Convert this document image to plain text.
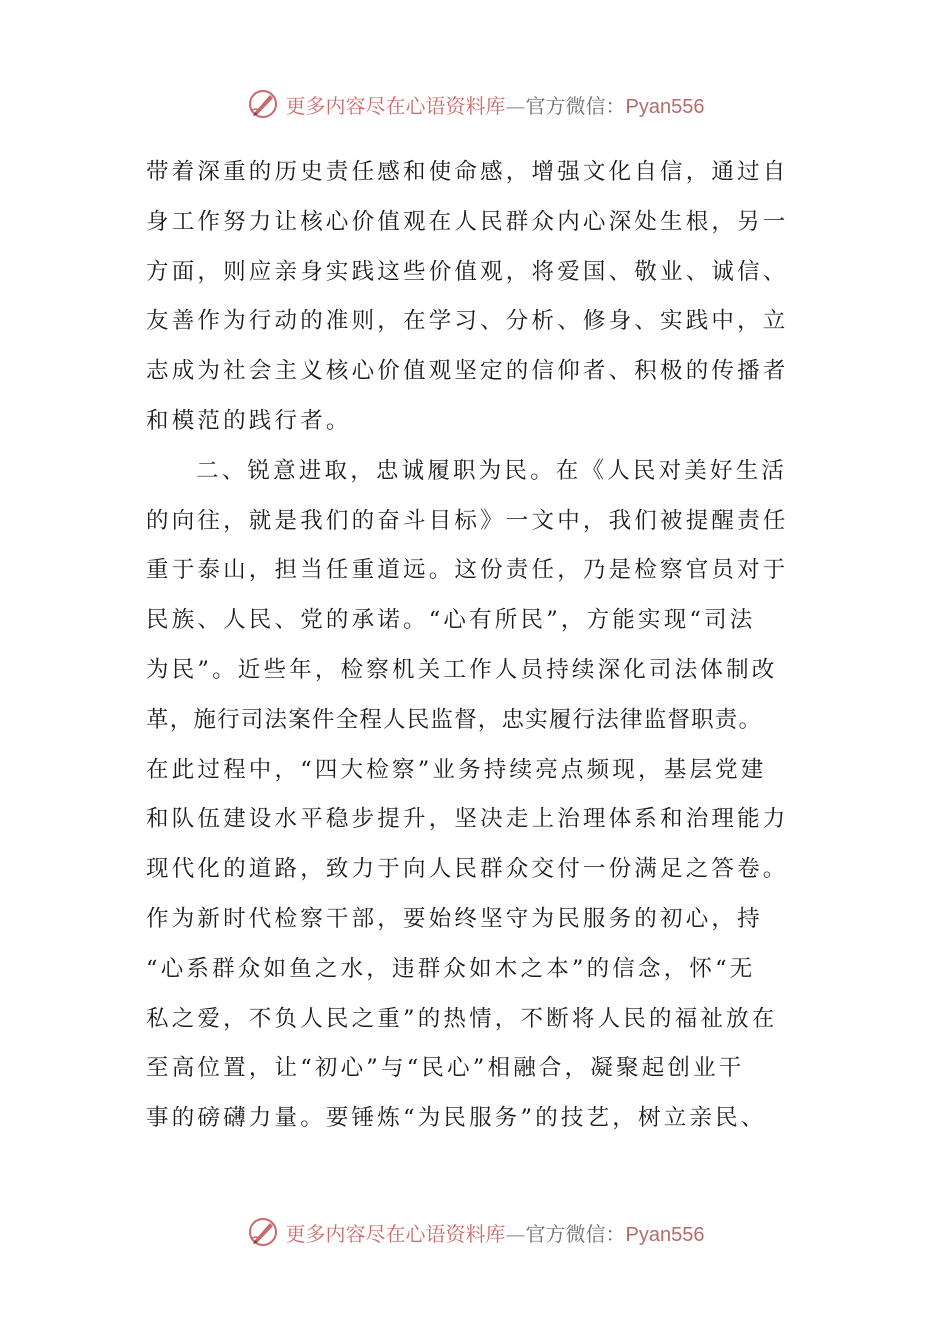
更多内容尽在心语资料库—官方微信：Pyan556
带着深重的历史责任感和使命感，增强文化自信，通过自
身工作努力让核心价值观在人民群众内心深处生根，另一
方面，则应亲身实践这些价值观，将爱国、敬业、诚信、
友善作为行动的准则，在学习、分析、修身、实践中，立
志成为社会主义核心价值观坚定的信仰者、积极的传播者
和模范的践行者。
二、锐意进取，忠诚履职为民。在《人民对美好生活
的向往，就是我们的奋斗目标》一文中，我们被提醒责任
重于泰山，担当任重道远。这份责任，乃是检察官员对于
民族、人民、党的承诺。“心有所民”，方能实现“司法
为民”。近些年，检察机关工作人员持续深化司法体制改
革，施行司法案件全程人民监督，忠实履行法律监督职责。
在此过程中，“四大检察”业务持续亮点频现，基层党建
和队伍建设水平稳步提升，坚决走上治理体系和治理能力
现代化的道路，致力于向人民群众交付一份满足之答卷。
作为新时代检察干部，要始终坚守为民服务的初心，持
“心系群众如鱼之水，违群众如木之本”的信念，怀“无
私之爱，不负人民之重”的热情，不断将人民的福祉放在
至高位置，让“初心”与“民心”相融合，凝聚起创业干
事的磅礴力量。要锤炼“为民服务”的技艺，树立亲民、
更多内容尽在心语资料库—官方微信：Pyan556
